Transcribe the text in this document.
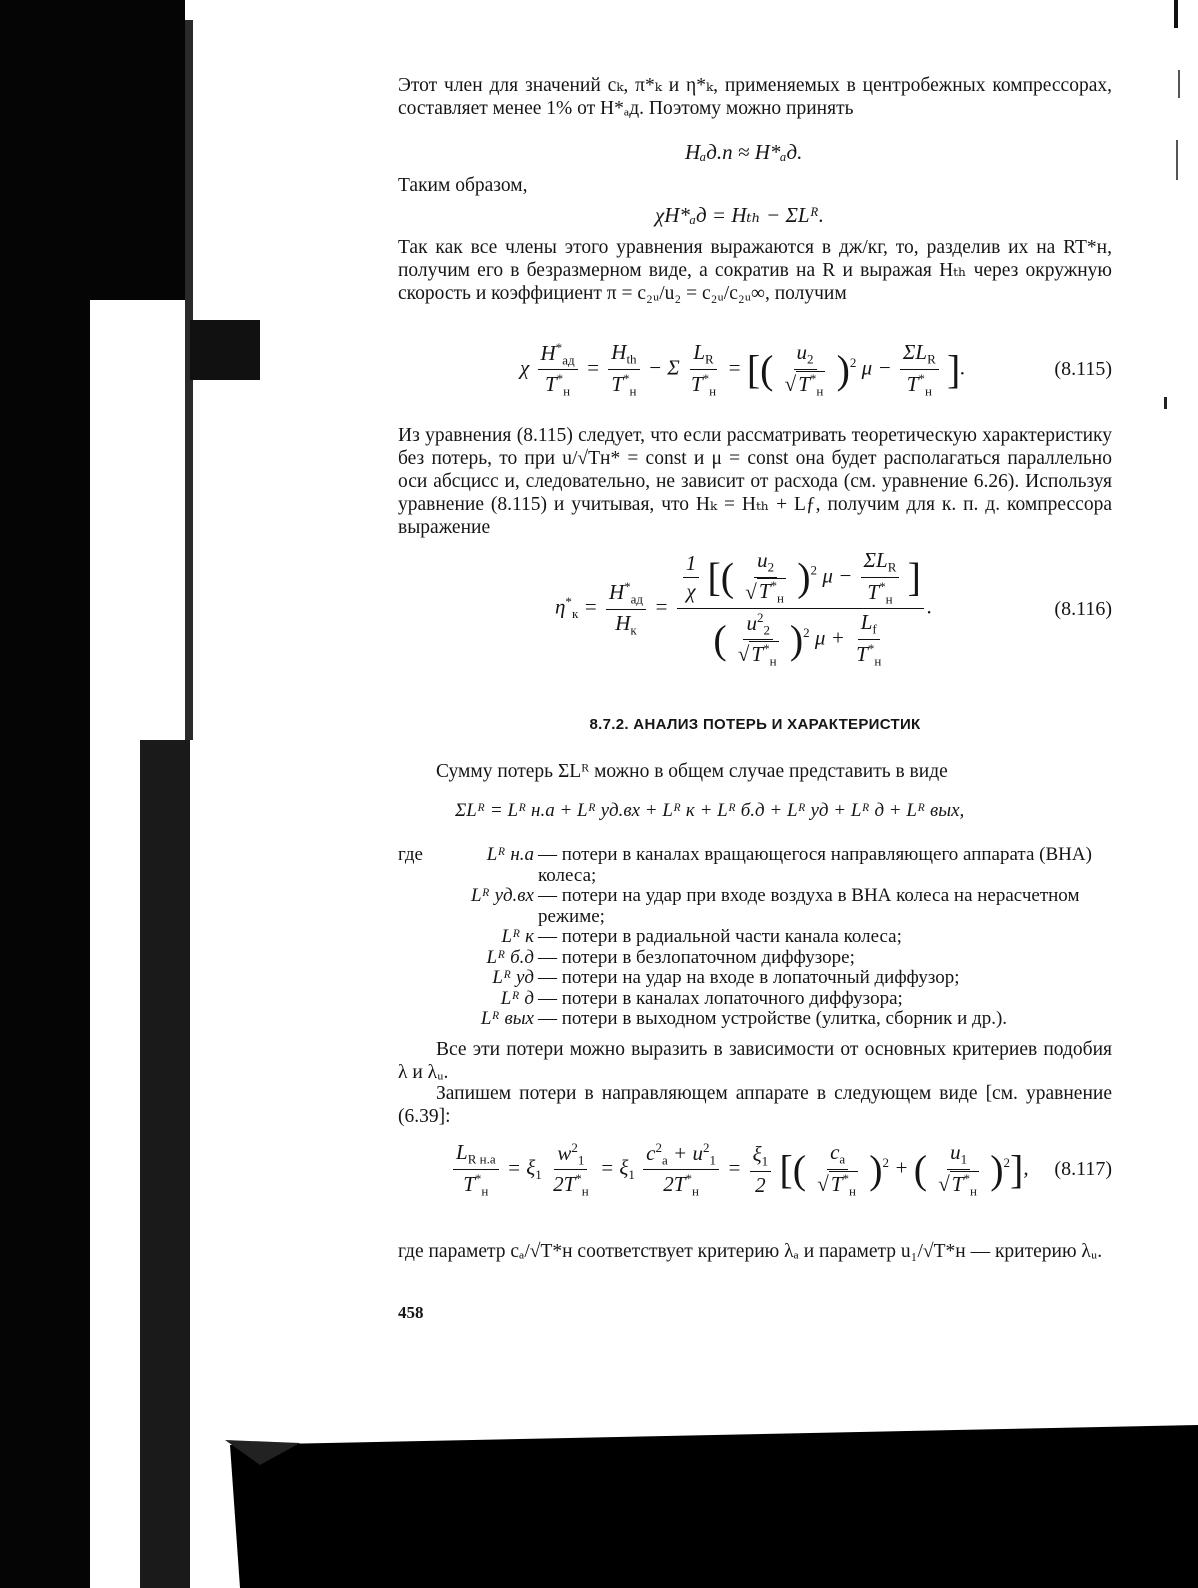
Этот член для значений cₖ, π*ₖ и η*ₖ, применяемых в центробежных компрессорах, составляет менее 1% от H*ₐд. Поэтому можно принять

Hₐд.п ≈ H*ₐд.

Таким образом,

χH*ₐд = Hₜₕ − ΣLᴿ.

Так как все члены этого уравнения выражаются в дж/кг, то, разделив их на RT*н, получим его в безразмерном виде, а сократив на R и выражая Hₜₕ через окружную скорость и коэффициент π = c₂ᵤ/u₂ = c₂ᵤ/c₂ᵤ∞, получим

χ $\frac{H^*_{ад}}{T^*_н} = \frac{H_{th}}{T^*_н} - \Sigma \frac{L_R}{T^*_н}$ = [( $\frac{u_2}{√T^*_н} )^2$ $\mu - \frac{\Sigma L_R}{T^*_н}$ ].	(8.115)

Из уравнения (8.115) следует, что если рассматривать теоретическую характеристику без потерь, то при u/√Tн* = const и μ = const она будет располагаться параллельно оси абсцисс и, следовательно, не зависит от расхода (см. уравнение 6.26). Используя уравнение (8.115) и учитывая, что Hₖ = Hₜₕ + Lƒ, получим для к. п. д. компрессора выражение

$\eta^*_к = \frac{H^*_{ад}}{H_к} = \frac{\frac{1}{\chi} [( \frac{u_2}{√T^*_н} )^2 \mu - \frac{\Sigma L_R}{T^*_н} ]}{( \frac{u^2_2}{√T^*_н} )^2 \mu + \frac{L_f}{T^*_н}}$ .	(8.116)
8.7.2. АНАЛИЗ ПОТЕРЬ И ХАРАКТЕРИСТИК

Сумму потерь ΣLᴿ можно в общем случае представить в виде

ΣLᴿ = Lᴿ н.а + Lᴿ уд.вх + Lᴿ к + Lᴿ б.д + Lᴿ уд + Lᴿ д + Lᴿ вых,
где	Lᴿ н.а — потери в каналах вращающегося направляющего аппарата (ВНА) колеса;
Lᴿ уд.вх — потери на удар при входе воздуха в ВНА колеса на нерасчетном режиме;
Lᴿ к — потери в радиальной части канала колеса;
Lᴿ б.д — потери в безлопаточном диффузоре;
Lᴿ уд — потери на удар на входе в лопаточный диффузор;
Lᴿ д — потери в каналах лопаточного диффузора;
Lᴿ вых — потери в выходном устройстве (улитка, сборник и др.).

Все эти потери можно выразить в зависимости от основных критериев подобия λ и λᵤ.

Запишем потери в направляющем аппарате в следующем виде [см. уравнение (6.39]:

$\frac{L_{R н.а}}{T^*_н} = \xi_1 \frac{w^2_1}{2T^*_н} = \xi_1 \frac{c^2_a + u^2_1}{2T^*_н} = \frac{\xi_1}{2}$ [( $\frac{c_a}{√T^*_н} )^2$ + ( $\frac{u_1}{√T^*_н} )^2$], (8.117)

где параметр cₐ/√T*н соответствует критерию λₐ и параметр u₁/√T*н — критерию λᵤ.

458
